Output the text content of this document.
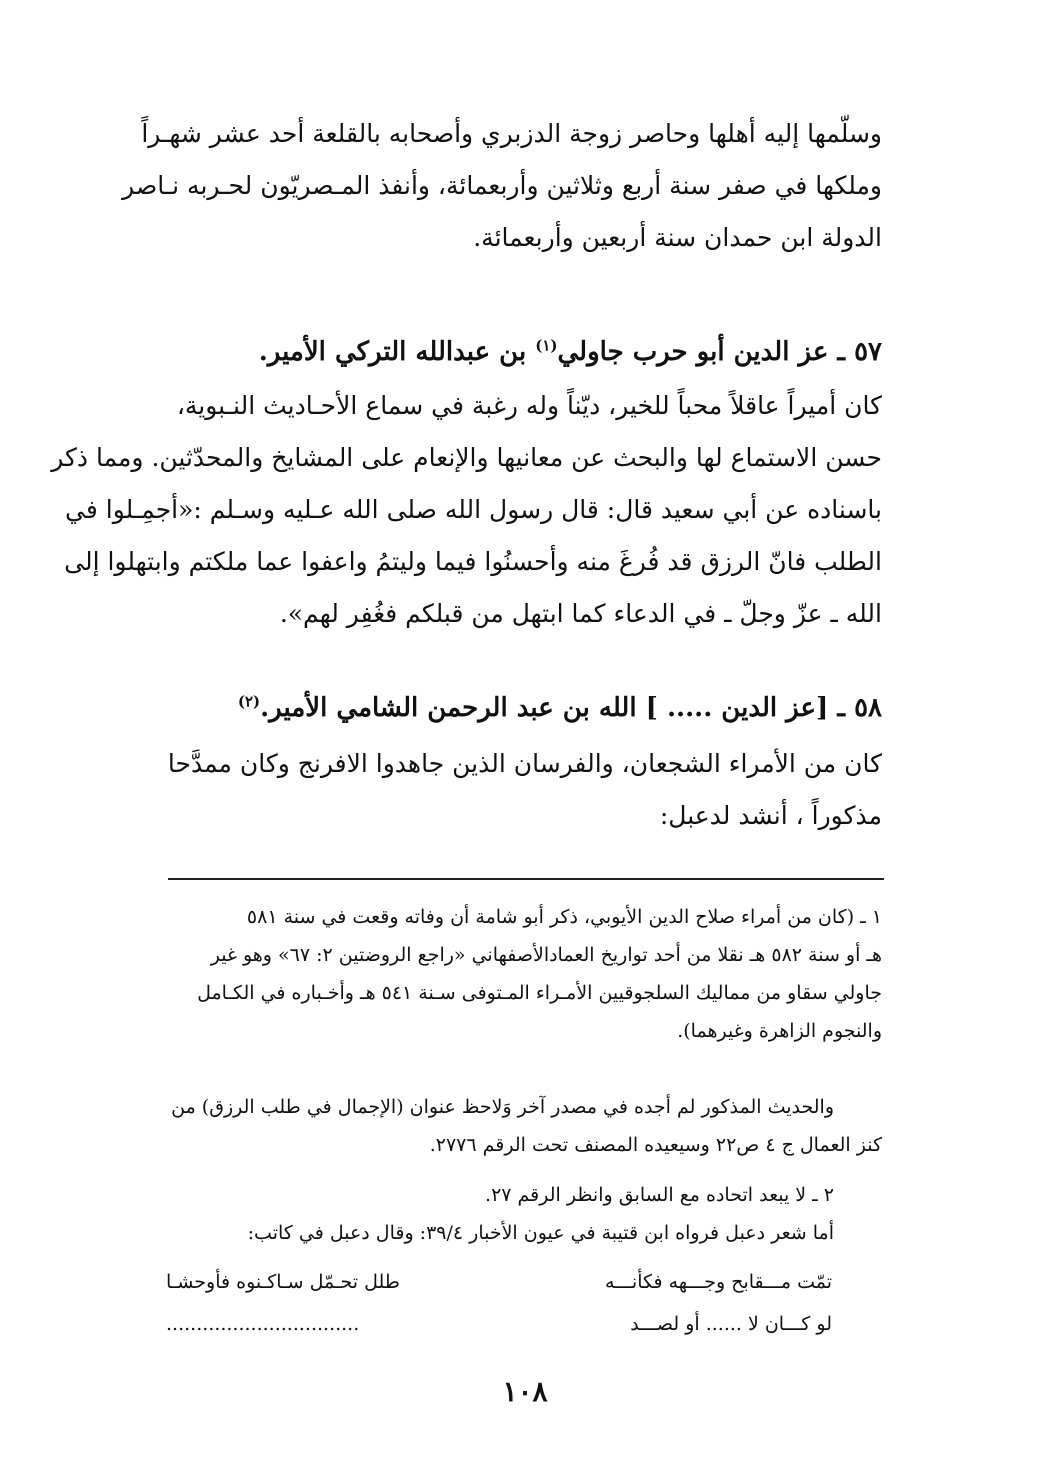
وسلّمها إليه أهلها وحاصر زوجة الدزبري وأصحابه بالقلعة أحد عشر شهـراً
وملكها في صفر سنة أربع وثلاثين وأربعمائة، وأنفذ المـصريّون لحـربه نـاصر
الدولة ابن حمدان سنة أربعين وأربعمائة.
٥٧ ـ عز الدين أبو حرب جاولي$^{(١)}$ بن عبدالله التركي الأمير.
كان أميراً عاقلاً محباً للخير، ديّناً وله رغبة في سماع الأحـاديث النـبوية،
حسن الاستماع لها والبحث عن معانيها والإنعام على المشايخ والمحدّثين. ومما ذكر
باسناده عن أبي سعيد قال: قال رسول الله صلى الله عـليه وسـلم :«أجمِـلوا في
الطلب فانّ الرزق قد فُرغَ منه وأحسنُوا فيما وليتمُ واعفوا عما ملكتم وابتهلوا إلى
الله ـ عزّ وجلّ ـ في الدعاء كما ابتهل من قبلكم فغُفِر لهم».
٥٨ ـ [عز الدين ..... ] الله بن عبد الرحمن الشامي الأمير.$^{(٢)}$
كان من الأمراء الشجعان، والفرسان الذين جاهدوا الافرنج وكان ممدَّحا
مذكوراً ، أنشد لدعبل:
١ ـ (كان من أمراء صلاح الدين الأيوبي، ذكر أبو شامة أن وفاته وقعت في سنة ٥٨١
هـ أو سنة ٥٨٢ هـ نقلا من أحد تواريخ العمادالأصفهاني «راجع الروضتين ٢: ٦٧» وهو غير
جاولي سقاو من مماليك السلجوقيين الأمـراء المـتوفى سـنة ٥٤١ هـ وأخـباره في الكـامل
والنجوم الزاهرة وغيرهما).
والحديث المذكور لم أجده في مصدر آخر وَلاحظ عنوان (الإجمال في طلب الرزق) من
كنز العمال ج ٤ ص٢٢ وسيعيده المصنف تحت الرقم ٢٧٧٦.
٢ ـ لا يبعد اتحاده مع السابق وانظر الرقم ٢٧.
أما شعر دعبل فرواه ابن قتيبة في عيون الأخبار ٣٩/٤: وقال دعبل في كاتب:
تمّت مـــقابح وجـــهه فكأنـــه
طلل تحـمّل سـاكـنوه فأوحشـا
لو كـــان لا ...... أو لصـــد
................................
١٠٨
